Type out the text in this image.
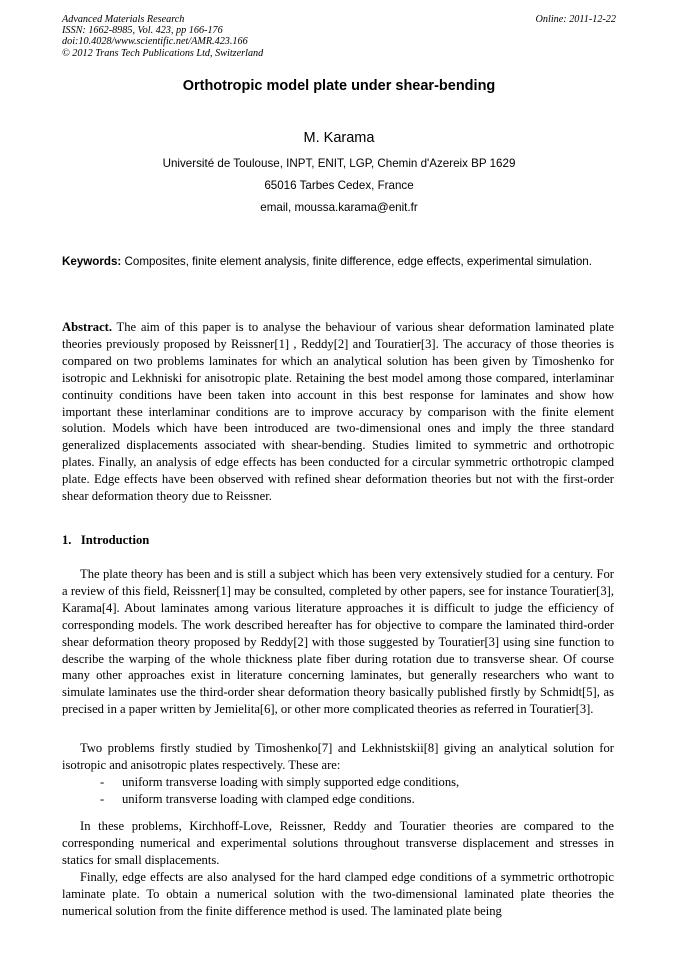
Advanced Materials Research
ISSN: 1662-8985, Vol. 423, pp 166-176
doi:10.4028/www.scientific.net/AMR.423.166
© 2012 Trans Tech Publications Ltd, Switzerland
Online: 2011-12-22
Orthotropic model plate under shear-bending
M. Karama
Université de Toulouse, INPT, ENIT, LGP, Chemin d'Azereix BP 1629
65016 Tarbes Cedex, France
email, moussa.karama@enit.fr
Keywords: Composites, finite element analysis, finite difference, edge effects, experimental simulation.
Abstract. The aim of this paper is to analyse the behaviour of various shear deformation laminated plate theories previously proposed by Reissner[1] , Reddy[2] and Touratier[3]. The accuracy of those theories is compared on two problems laminates for which an analytical solution has been given by Timoshenko for isotropic and Lekhniski for anisotropic plate. Retaining the best model among those compared, interlaminar continuity conditions have been taken into account in this best response for laminates and show how important these interlaminar conditions are to improve accuracy by comparison with the finite element solution. Models which have been introduced are two-dimensional ones and imply the three standard generalized displacements associated with shear-bending. Studies limited to symmetric and orthotropic plates. Finally, an analysis of edge effects has been conducted for a circular symmetric orthotropic clamped plate. Edge effects have been observed with refined shear deformation theories but not with the first-order shear deformation theory due to Reissner.
1. Introduction
The plate theory has been and is still a subject which has been very extensively studied for a century. For a review of this field, Reissner[1] may be consulted, completed by other papers, see for instance Touratier[3], Karama[4]. About laminates among various literature approaches it is difficult to judge the efficiency of corresponding models. The work described hereafter has for objective to compare the laminated third-order shear deformation theory proposed by Reddy[2] with those suggested by Touratier[3] using sine function to describe the warping of the whole thickness plate fiber during rotation due to transverse shear. Of course many other approaches exist in literature concerning laminates, but generally researchers who want to simulate laminates use the third-order shear deformation theory basically published firstly by Schmidt[5], as precised in a paper written by Jemielita[6], or other more complicated theories as referred in Touratier[3].
Two problems firstly studied by Timoshenko[7] and Lekhnistskii[8] giving an analytical solution for isotropic and anisotropic plates respectively. These are:
-	uniform transverse loading with simply supported edge conditions,
-	uniform transverse loading with clamped edge conditions.
In these problems, Kirchhoff-Love, Reissner, Reddy and Touratier theories are compared to the corresponding numerical and experimental solutions throughout transverse displacement and stresses in statics for small displacements.
Finally, edge effects are also analysed for the hard clamped edge conditions of a symmetric orthotropic laminate plate. To obtain a numerical solution with the two-dimensional laminated plate theories the numerical solution from the finite difference method is used. The laminated plate being
